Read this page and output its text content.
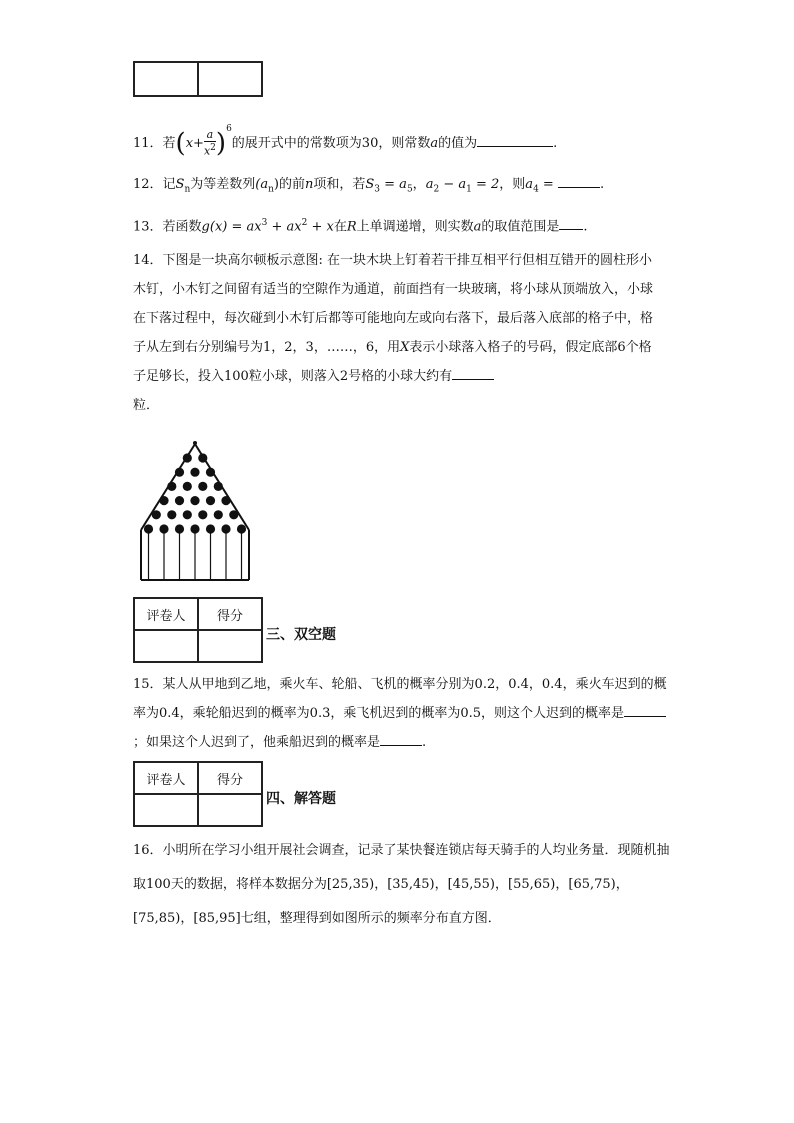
11．若$(x+ \frac{a}{x^2} )^6$的展开式中的常数项为30，则常数a的值为	.
12．记$S_n$为等差数列$(a_n)$的前n项和，若$S_3 = a_5$，$a_2 - a_1 = 2$，则$a_4$ =	.
13．若函数$g(x) = ax^3 + ax^2 + x$在R上单调递增，则实数a的取值范围是 .
14．下图是一块高尔顿板示意图: 在一块木块上钉着若干排互相平行但相互错开的圆柱形小木钉，小木钉之间留有适当的空隙作为通道，前面挡有一块玻璃，将小球从顶端放入，小球在下落过程中，每次碰到小木钉后都等可能地向左或向右落下，最后落入底部的格子中，格子从左到右分别编号为1，2，3，……，6，用X表示小球落入格子的号码，假定底部6个格子足够长，投入100粒小球，则落入2号格的小球大约有
粒．
评卷人	得分

三、双空题
15．某人从甲地到乙地，乘火车、轮船、飞机的概率分别为0.2，0.4，0.4，乘火车迟到的概率为0.4，乘轮船迟到的概率为0.3，乘飞机迟到的概率为0.5，则这个人迟到的概率是；如果这个人迟到了，他乘船迟到的概率是	.
评卷人	得分

四、解答题
16．小明所在学习小组开展社会调查，记录了某快餐连锁店每天骑手的人均业务量．现随机抽取100天的数据，将样本数据分为[25,35)，[35,45)，[45,55)，[55,65)，[65,75)，[75,85)，[85,95]七组，整理得到如图所示的频率分布直方图．
